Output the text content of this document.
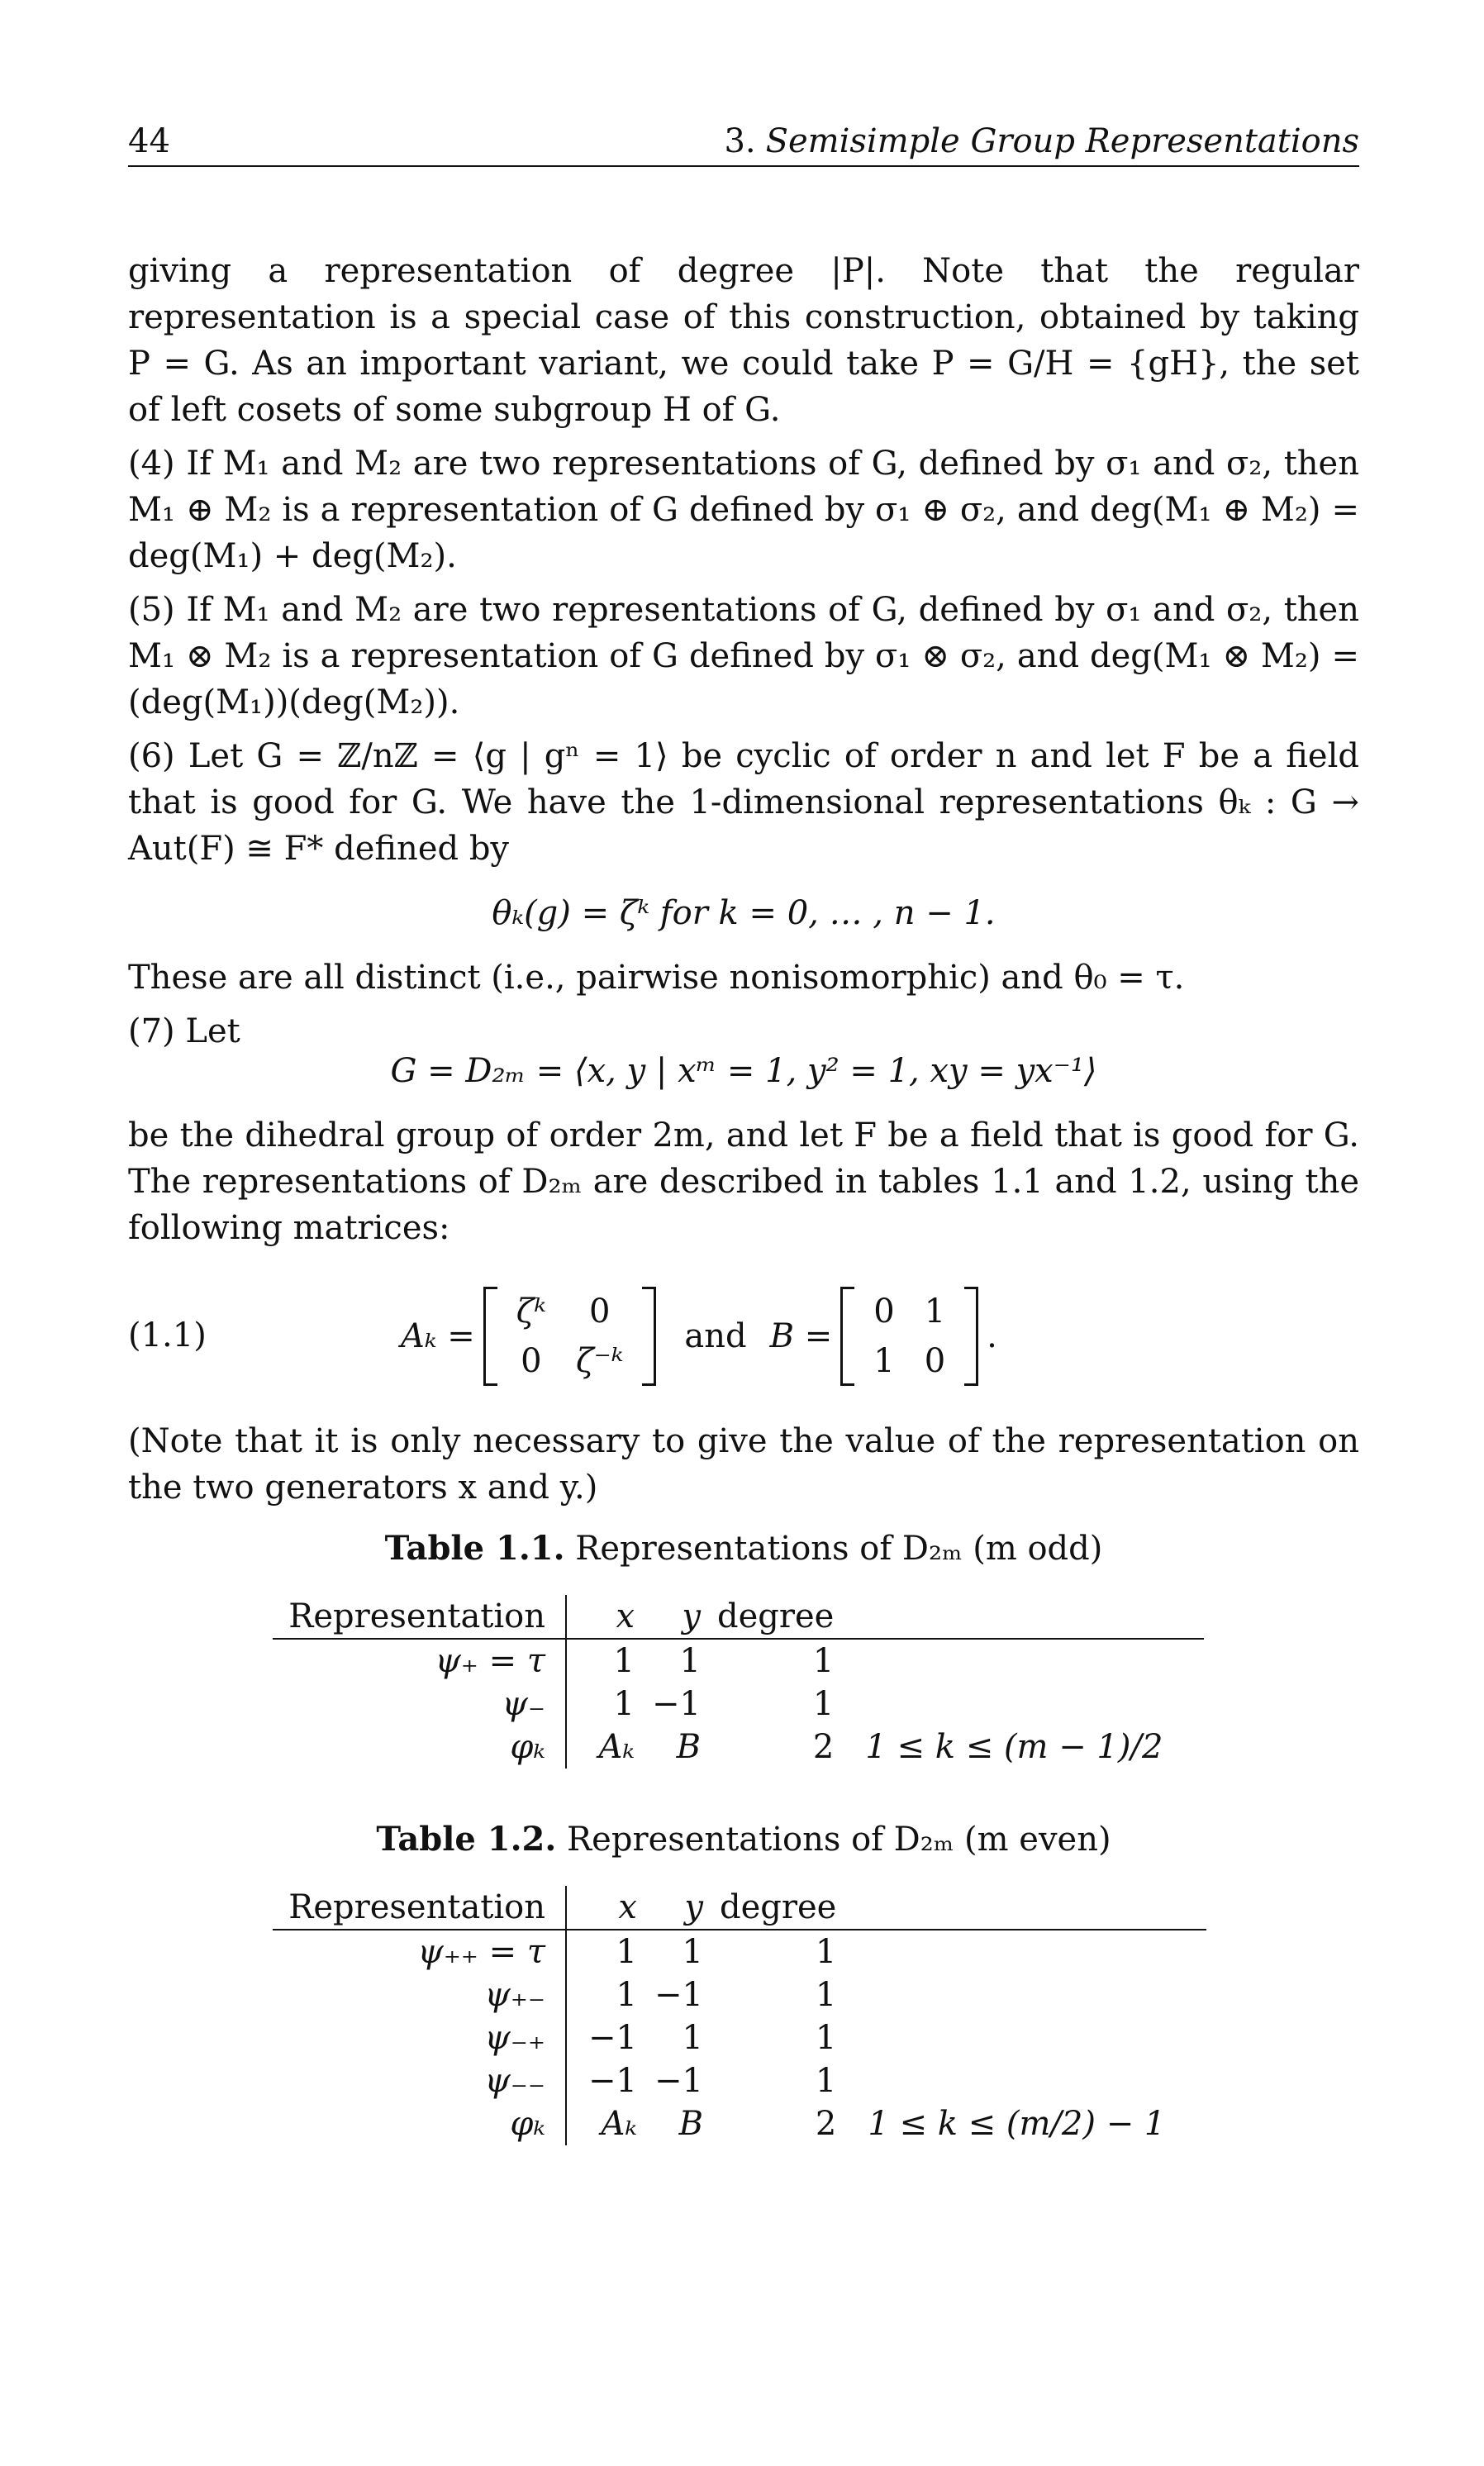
44	3. Semisimple Group Representations

giving a representation of degree |P|. Note that the regular representation is a special case of this construction, obtained by taking P = G. As an important variant, we could take P = G/H = {gH}, the set of left cosets of some subgroup H of G.

(4) If M₁ and M₂ are two representations of G, defined by σ₁ and σ₂, then M₁ ⊕ M₂ is a representation of G defined by σ₁ ⊕ σ₂, and deg(M₁ ⊕ M₂) = deg(M₁) + deg(M₂).

(5) If M₁ and M₂ are two representations of G, defined by σ₁ and σ₂, then M₁ ⊗ M₂ is a representation of G defined by σ₁ ⊗ σ₂, and deg(M₁ ⊗ M₂) = (deg(M₁))(deg(M₂)).

(6) Let G = ℤ/nℤ = ⟨g | gⁿ = 1⟩ be cyclic of order n and let F be a field that is good for G. We have the 1-dimensional representations θₖ : G → Aut(F) ≅ F* defined by

θₖ(g) = ζᵏ for k = 0, … , n − 1.

These are all distinct (i.e., pairwise nonisomorphic) and θ₀ = τ.

(7) Let

G = D₂ₘ = ⟨x, y | xᵐ = 1, y² = 1, xy = yx⁻¹⟩

be the dihedral group of order 2m, and let F be a field that is good for G. The representations of D₂ₘ are described in tables 1.1 and 1.2, using the following matrices:

(1.1)	Aₖ =
ζᵏ	0
0	ζ⁻ᵏ
and B =
0	1
1	0
.

(Note that it is only necessary to give the value of the representation on the two generators x and y.)

Table 1.1. Representations of D₂ₘ (m odd)
Representation	x	y	degree	
ψ₊ = τ	1	1	1	
ψ₋	1	−1	1	
φₖ	Aₖ	B	2	1 ≤ k ≤ (m − 1)/2
Table 1.2. Representations of D₂ₘ (m even)
Representation	x	y	degree	
ψ₊₊ = τ	1	1	1	
ψ₊₋	1	−1	1	
ψ₋₊	−1	1	1	
ψ₋₋	−1	−1	1	
φₖ	Aₖ	B	2	1 ≤ k ≤ (m/2) − 1
